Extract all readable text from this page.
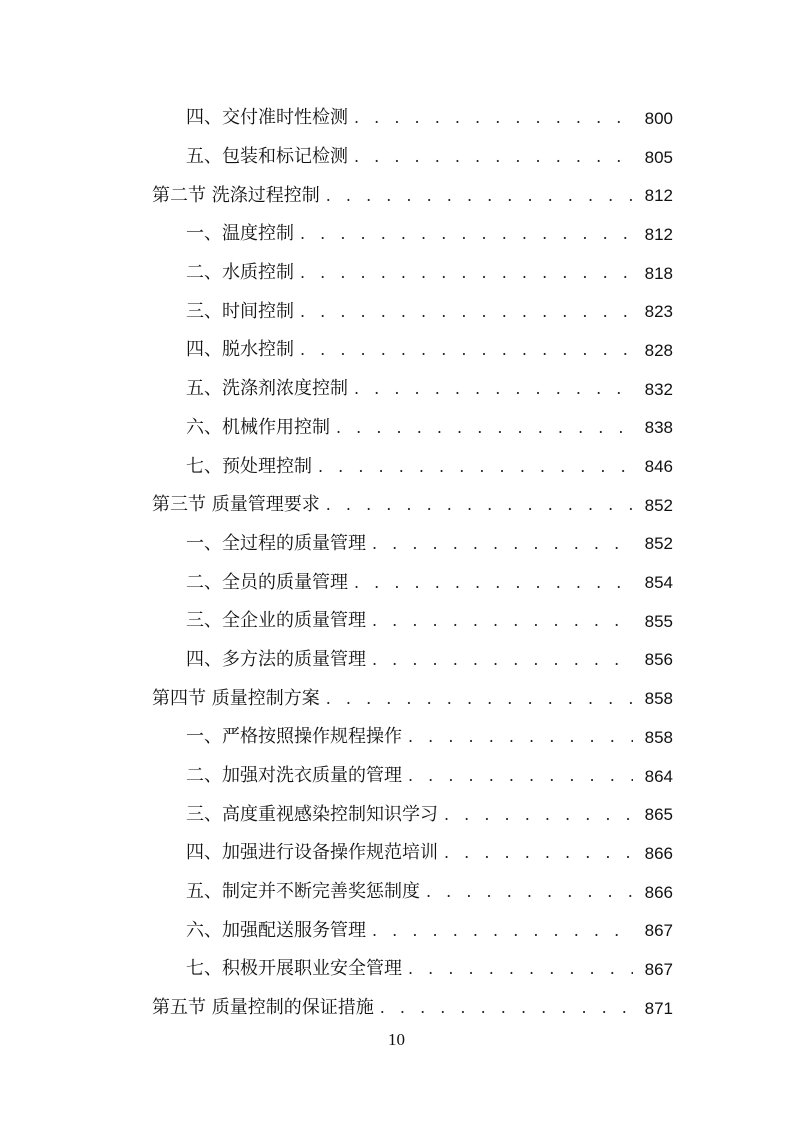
四、交付准时性检测 . . .	800
五、包装和标记检测 . . .	805
第二节 洗涤过程控制 . . .	812
一、温度控制 . . .	812
二、水质控制 . . .	818
三、时间控制 . . .	823
四、脱水控制 . . .	828
五、洗涤剂浓度控制 . . .	832
六、机械作用控制 . . .	838
七、预处理控制 . . .	846
第三节 质量管理要求 . . .	852
一、全过程的质量管理 . . .	852
二、全员的质量管理 . . .	854
三、全企业的质量管理 . . .	855
四、多方法的质量管理 . . .	856
第四节 质量控制方案 . . .	858
一、严格按照操作规程操作 . . .	858
二、加强对洗衣质量的管理 . . .	864
三、高度重视感染控制知识学习 . . .	865
四、加强进行设备操作规范培训 . . .	866
五、制定并不断完善奖惩制度 . . .	866
六、加强配送服务管理 . . .	867
七、积极开展职业安全管理 . . .	867
第五节 质量控制的保证措施 . . .	871
10
